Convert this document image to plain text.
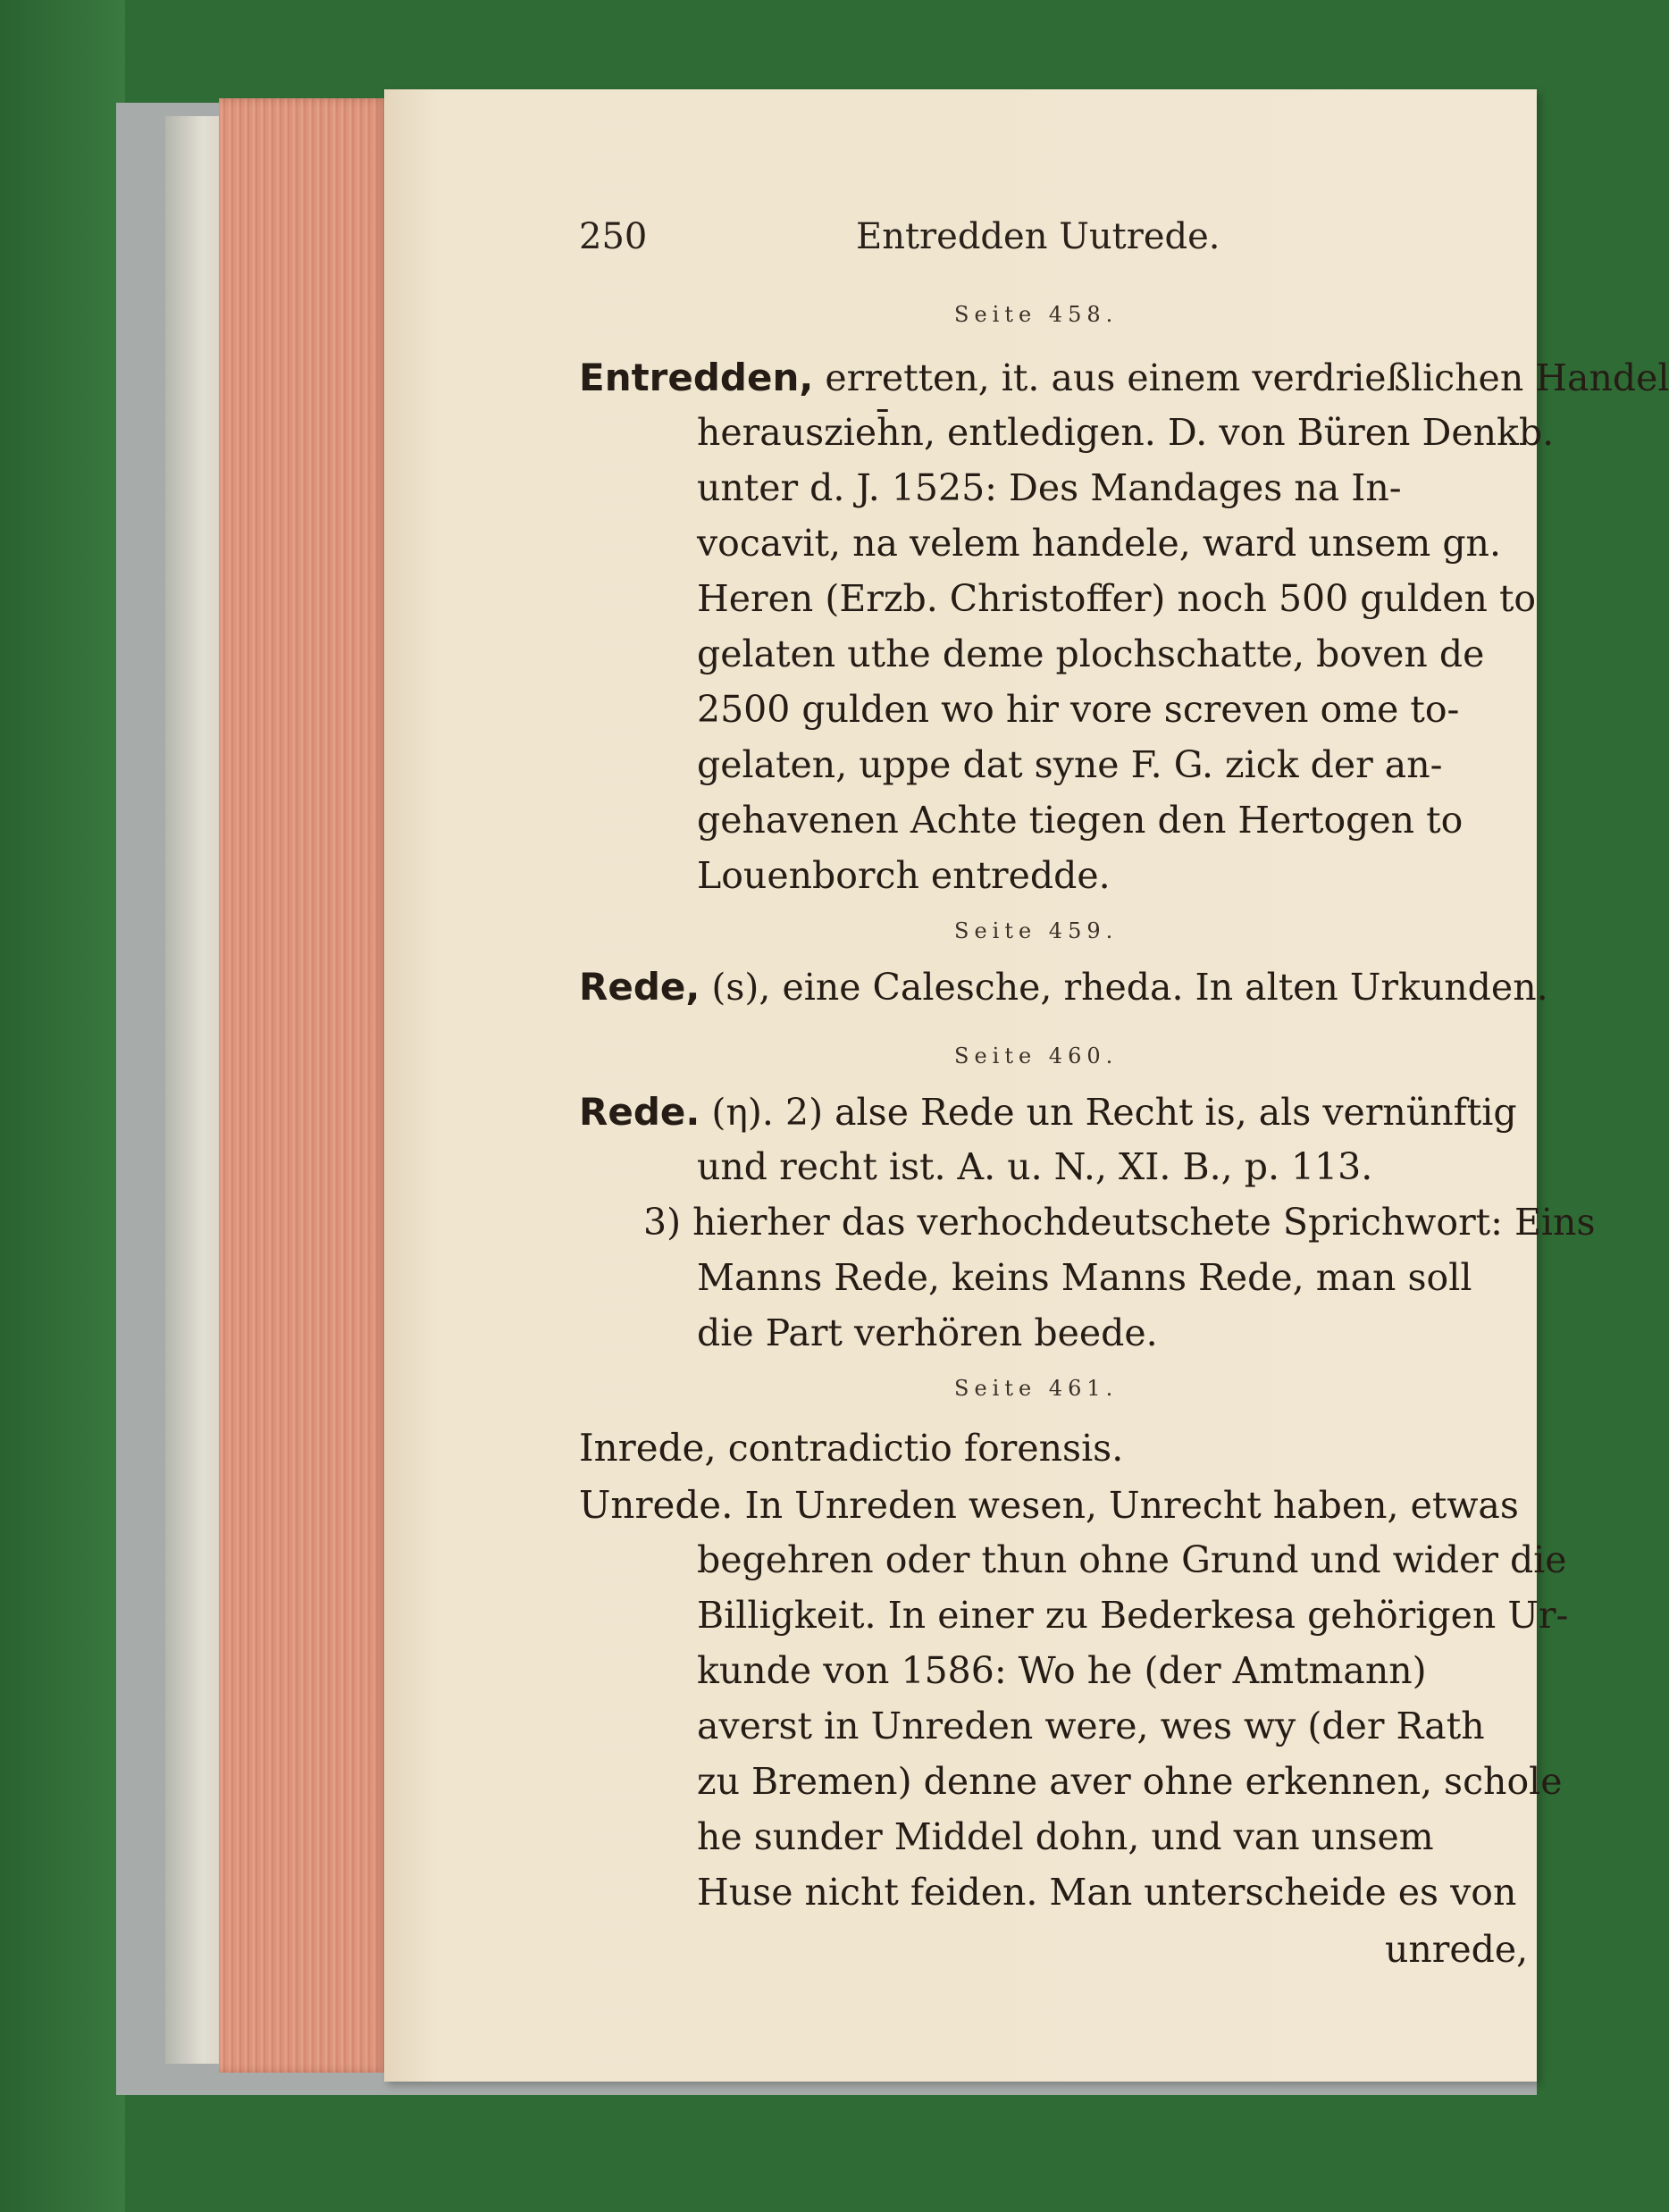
250	Entredden Uutrede.
Seite 458.
Entredden, erretten, it. aus einem verdrießlichen Handel
herauszieh̄n, entledigen. D. von Büren Denkb.
unter d. J. 1525: Des Mandages na In-
vocavit, na velem handele, ward unsem gn.
Heren (Erzb. Christoffer) noch 500 gulden to
gelaten uthe deme plochschatte, boven de
2500 gulden wo hir vore screven ome to-
gelaten, uppe dat syne F. G. zick der an-
gehavenen Achte tiegen den Hertogen to
Louenborch entredde.
Seite 459.
Rede, (s), eine Calesche, rheda. In alten Urkunden.
Seite 460.
Rede. (η). 2) alse Rede un Recht is, als vernünftig
und recht ist. A. u. N., XI. B., p. 113.
3) hierher das verhochdeutschete Sprichwort: Eins
Manns Rede, keins Manns Rede, man soll
die Part verhören beede.
Seite 461.
Inrede, contradictio forensis.
Unrede. In Unreden wesen, Unrecht haben, etwas
begehren oder thun ohne Grund und wider die
Billigkeit. In einer zu Bederkesa gehörigen Ur-
kunde von 1586: Wo he (der Amtmann)
averst in Unreden were, wes wy (der Rath
zu Bremen) denne aver ohne erkennen, schole
he sunder Middel dohn, und van unsem
Huse nicht feiden. Man unterscheide es von
unrede,
